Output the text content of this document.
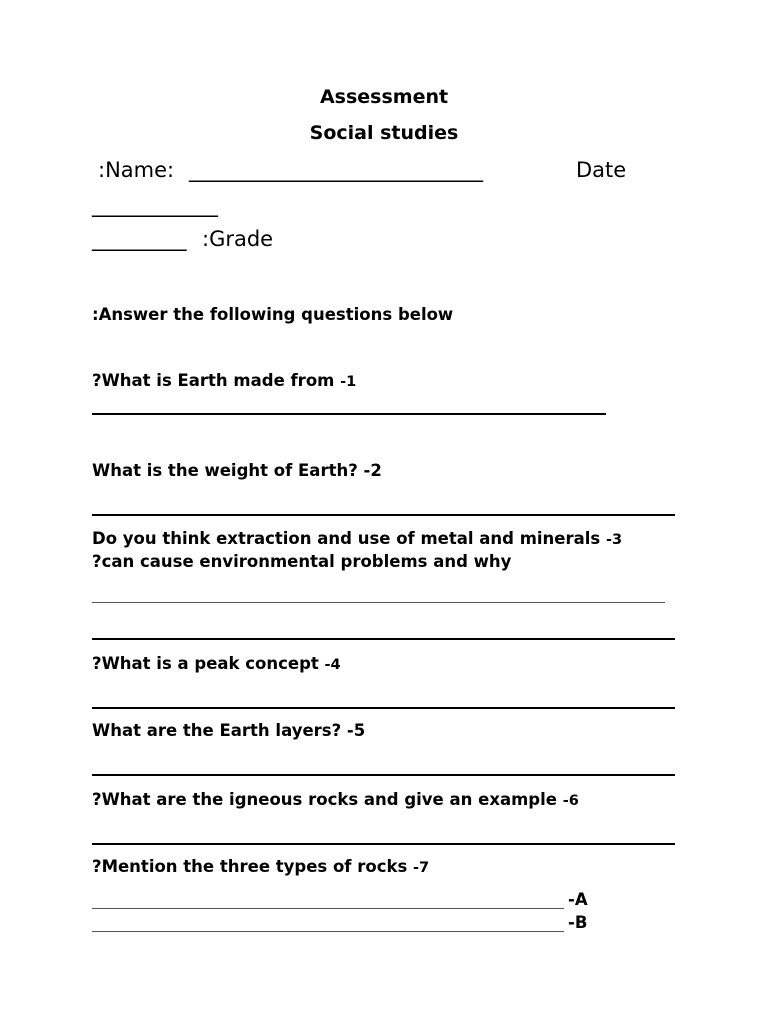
Assessment
Social studies
:Name: ____________________________	Date
____________
_________ :Grade
:Answer the following questions below
?What is Earth made from -1
What is the weight of Earth? -2
Do you think extraction and use of metal and minerals -3
?can cause environmental problems and why
?What is a peak concept -4
What are the Earth layers? -5
?What are the igneous rocks and give an example -6
?Mention the three types of rocks -7
-A
-B
